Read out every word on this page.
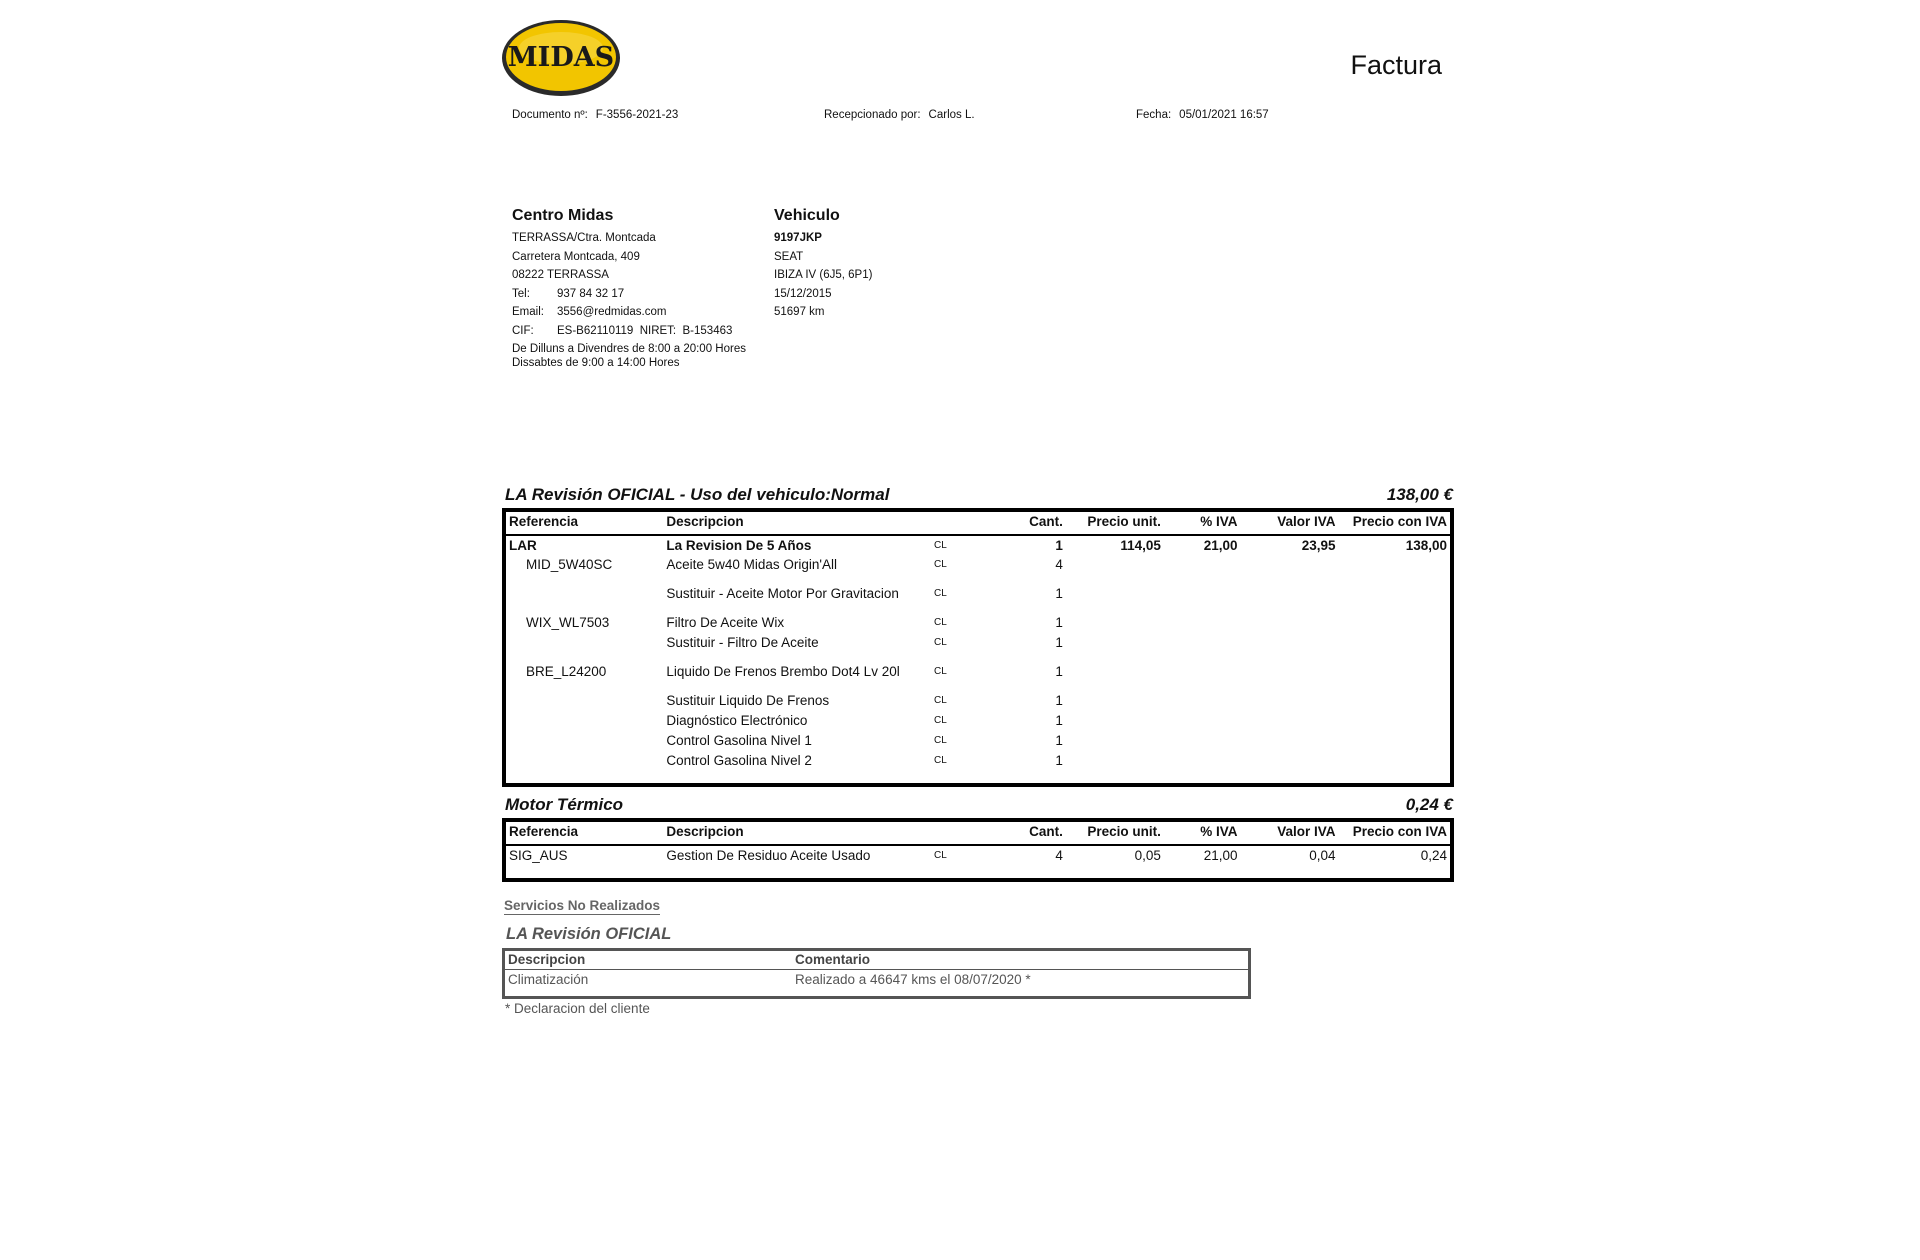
MIDAS	Factura
Documento nº: F-3556-2021-23	Recepcionado por: Carlos L.	Fecha: 05/01/2021 16:57
Centro Midas
TERRASSA/Ctra. Montcada
Carretera Montcada, 409
08222 TERRASSA
Tel: 937 84 32 17
Email: 3556@redmidas.com
CIF: ES-B62110119 NIRET: B-153463
De Dilluns a Divendres de 8:00 a 20:00 Hores
Dissabtes de 9:00 a 14:00 Hores
Vehiculo
9197JKP
SEAT
IBIZA IV (6J5, 6P1)
15/12/2015
51697 km
LA Revisión OFICIAL - Uso del vehiculo:Normal	138,00 €
Referencia	Descripcion		Cant.	Precio unit.	% IVA	Valor IVA	Precio con IVA
LAR	La Revision De 5 Años	CL	1	114,05	21,00	23,95	138,00
MID_5W40SC	Aceite 5w40 Midas Origin'All	CL	4				
	Sustituir - Aceite Motor Por Gravitacion	CL	1				
WIX_WL7503	Filtro De Aceite Wix	CL	1				
	Sustituir - Filtro De Aceite	CL	1				
BRE_L24200	Liquido De Frenos Brembo Dot4 Lv 20l	CL	1				
	Sustituir Liquido De Frenos	CL	1				
	Diagnóstico Electrónico	CL	1				
	Control Gasolina Nivel 1	CL	1				
	Control Gasolina Nivel 2	CL	1				
Motor Térmico	0,24 €
Referencia	Descripcion		Cant.	Precio unit.	% IVA	Valor IVA	Precio con IVA
SIG_AUS	Gestion De Residuo Aceite Usado	CL	4	0,05	21,00	0,04	0,24
Servicios No Realizados
LA Revisión OFICIAL
Descripcion	Comentario
Climatización	Realizado a 46647 kms el 08/07/2020 *
* Declaracion del cliente
